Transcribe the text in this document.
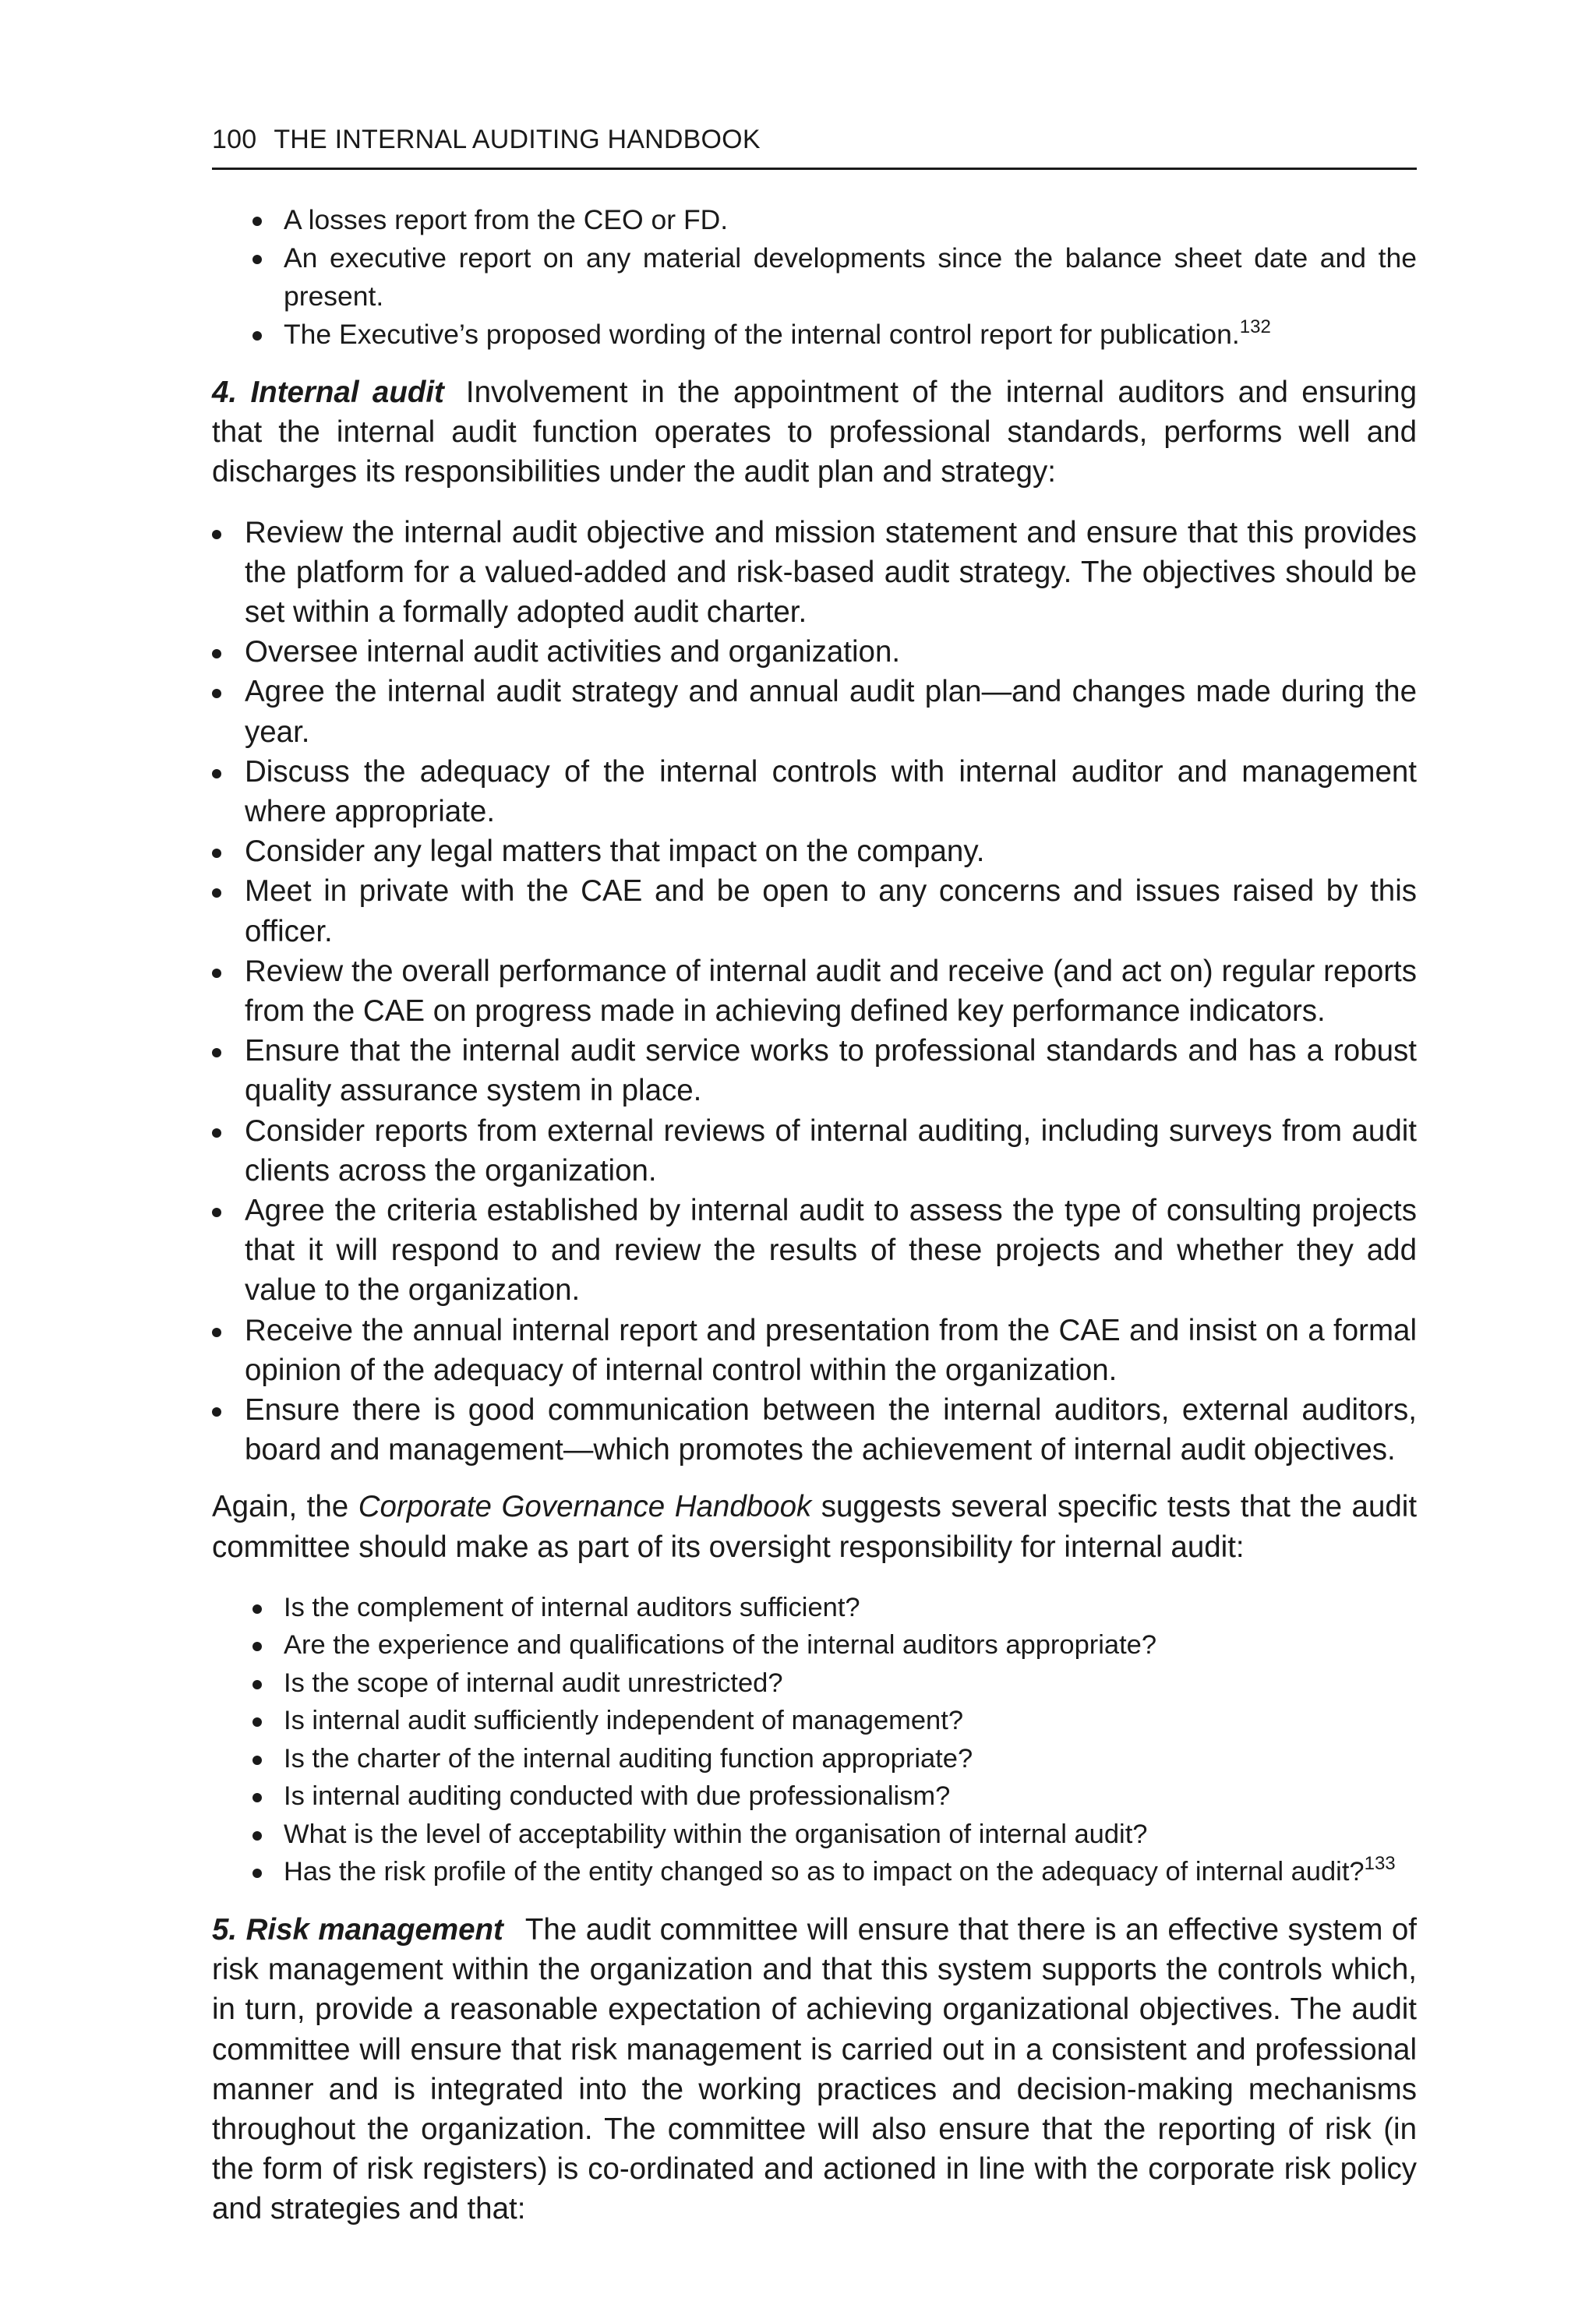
100 THE INTERNAL AUDITING HANDBOOK
A losses report from the CEO or FD.
An executive report on any material developments since the balance sheet date and the present.
The Executive’s proposed wording of the internal control report for publication.$^{132}$

4. Internal audit Involvement in the appointment of the internal auditors and ensuring that the internal audit function operates to professional standards, performs well and discharges its responsibilities under the audit plan and strategy:

Review the internal audit objective and mission statement and ensure that this provides the platform for a valued-added and risk-based audit strategy. The objectives should be set within a formally adopted audit charter.
Oversee internal audit activities and organization.
Agree the internal audit strategy and annual audit plan—and changes made during the year.
Discuss the adequacy of the internal controls with internal auditor and management where appropriate.
Consider any legal matters that impact on the company.
Meet in private with the CAE and be open to any concerns and issues raised by this officer.
Review the overall performance of internal audit and receive (and act on) regular reports from the CAE on progress made in achieving defined key performance indicators.
Ensure that the internal audit service works to professional standards and has a robust quality assurance system in place.
Consider reports from external reviews of internal auditing, including surveys from audit clients across the organization.
Agree the criteria established by internal audit to assess the type of consulting projects that it will respond to and review the results of these projects and whether they add value to the organization.
Receive the annual internal report and presentation from the CAE and insist on a formal opinion of the adequacy of internal control within the organization.
Ensure there is good communication between the internal auditors, external auditors, board and management—which promotes the achievement of internal audit objectives.

Again, the Corporate Governance Handbook suggests several specific tests that the audit committee should make as part of its oversight responsibility for internal audit:

Is the complement of internal auditors sufficient?
Are the experience and qualifications of the internal auditors appropriate?
Is the scope of internal audit unrestricted?
Is internal audit sufficiently independent of management?
Is the charter of the internal auditing function appropriate?
Is internal auditing conducted with due professionalism?
What is the level of acceptability within the organisation of internal audit?
Has the risk profile of the entity changed so as to impact on the adequacy of internal audit?$^{133}$

5. Risk management The audit committee will ensure that there is an effective system of risk management within the organization and that this system supports the controls which, in turn, provide a reasonable expectation of achieving organizational objectives. The audit committee will ensure that risk management is carried out in a consistent and professional manner and is integrated into the working practices and decision-making mechanisms throughout the organization. The committee will also ensure that the reporting of risk (in the form of risk registers) is co-ordinated and actioned in line with the corporate risk policy and strategies and that:
